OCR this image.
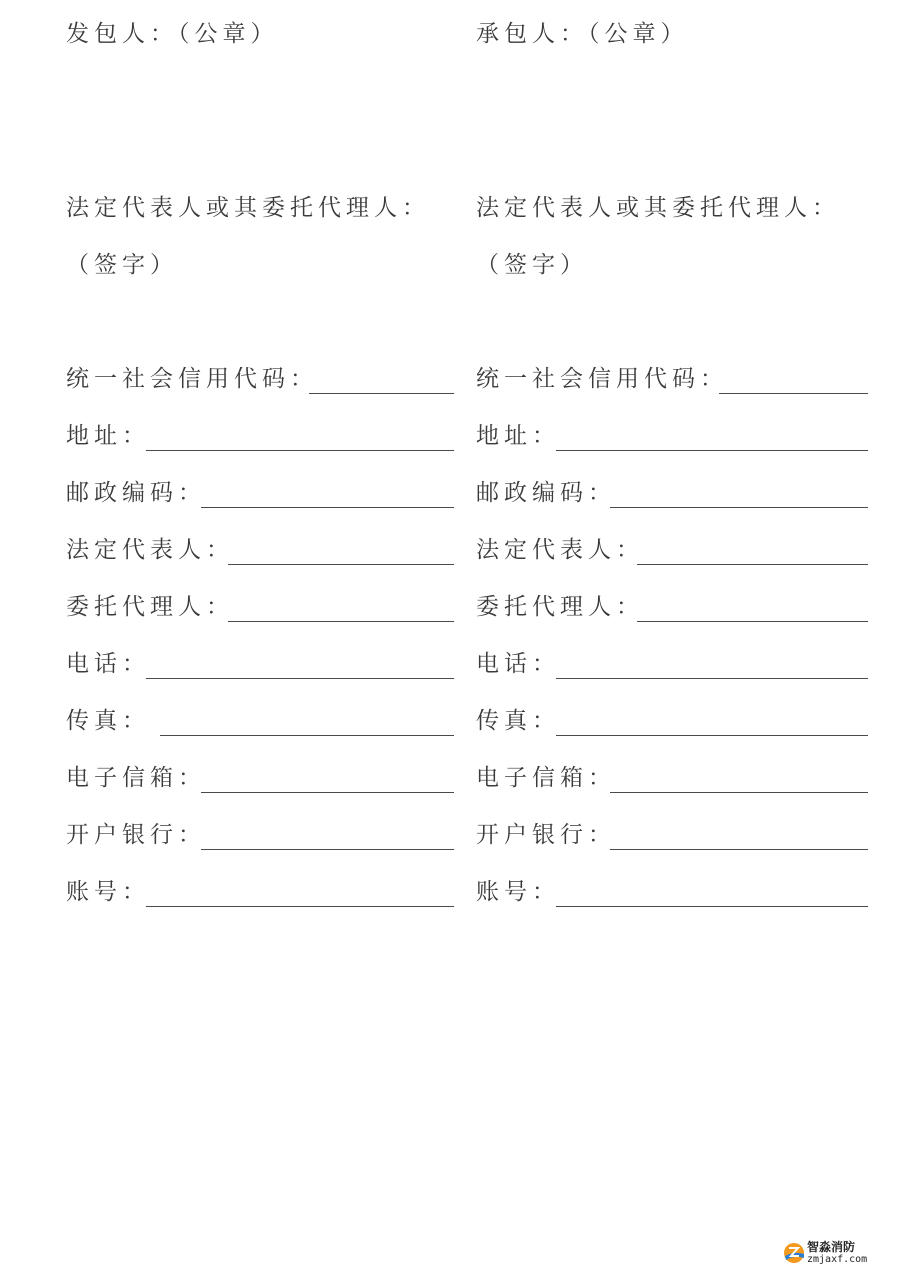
发包人：（公章）
法定代表人或其委托代理人：
（签字）
承包人：（公章）
法定代表人或其委托代理人：
（签字）
统一社会信用代码：
地址：
邮政编码：
法定代表人：
委托代理人：
电话：
传真：
电子信箱：
开户银行：
账号：
统一社会信用代码：
地址：
邮政编码：
法定代表人：
委托代理人：
电话：
传真：
电子信箱：
开户银行：
账号：
智淼消防
zmjaxf.com
